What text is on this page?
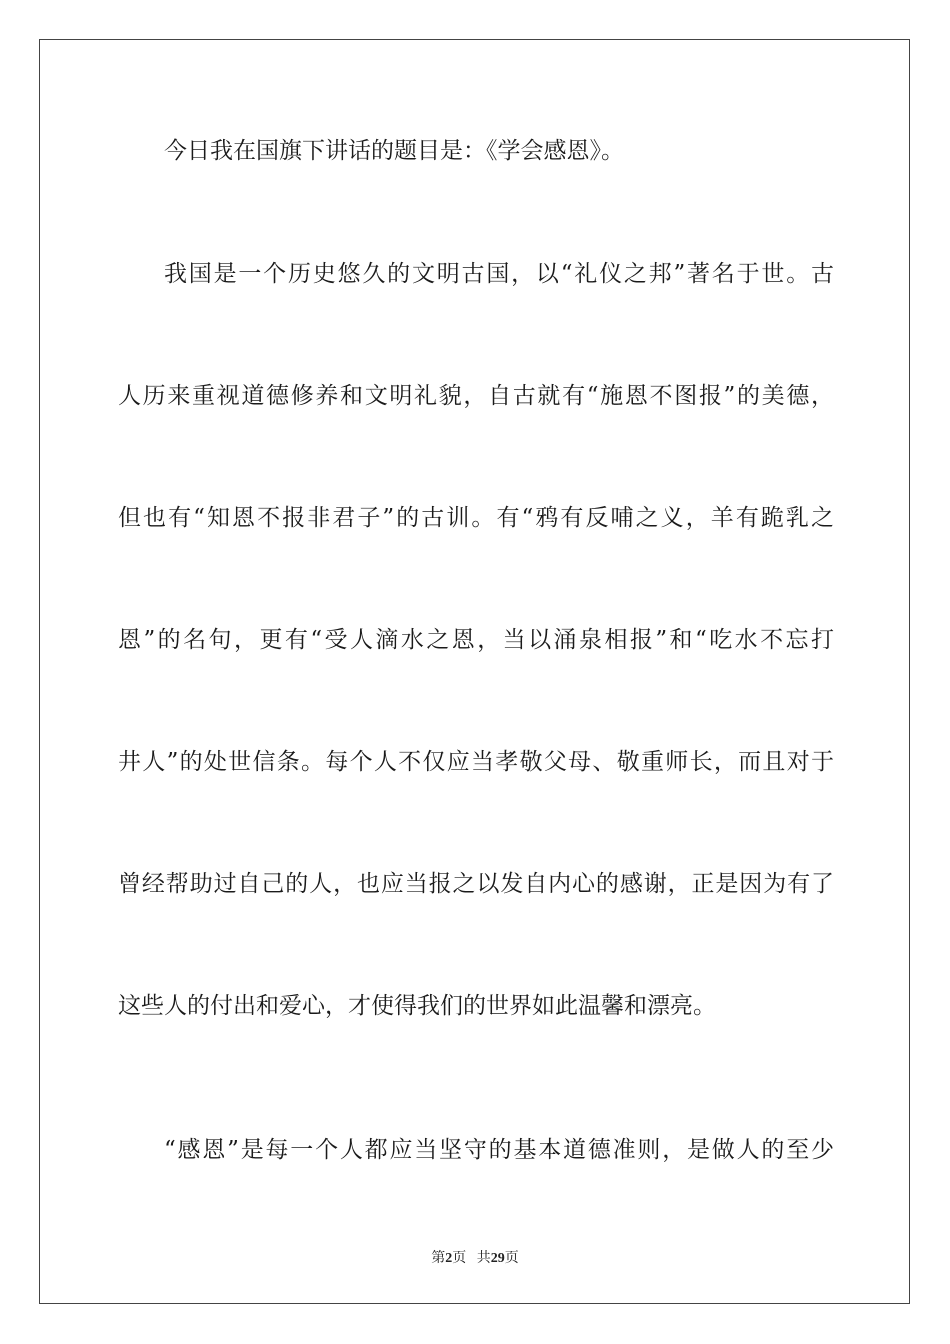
今日我在国旗下讲话的题目是：《学会感恩》。
我国是一个历史悠久的文明古国，以“礼仪之邦”著名于世。古
人历来重视道德修养和文明礼貌，自古就有“施恩不图报”的美德，
但也有“知恩不报非君子”的古训。有“鸦有反哺之义，羊有跪乳之
恩”的名句，更有“受人滴水之恩，当以涌泉相报”和“吃水不忘打
井人”的处世信条。每个人不仅应当孝敬父母、敬重师长，而且对于
曾经帮助过自己的人，也应当报之以发自内心的感谢，正是因为有了
这些人的付出和爱心，才使得我们的世界如此温馨和漂亮。
“感恩”是每一个人都应当坚守的基本道德准则，是做人的至少
第2页 共29页
